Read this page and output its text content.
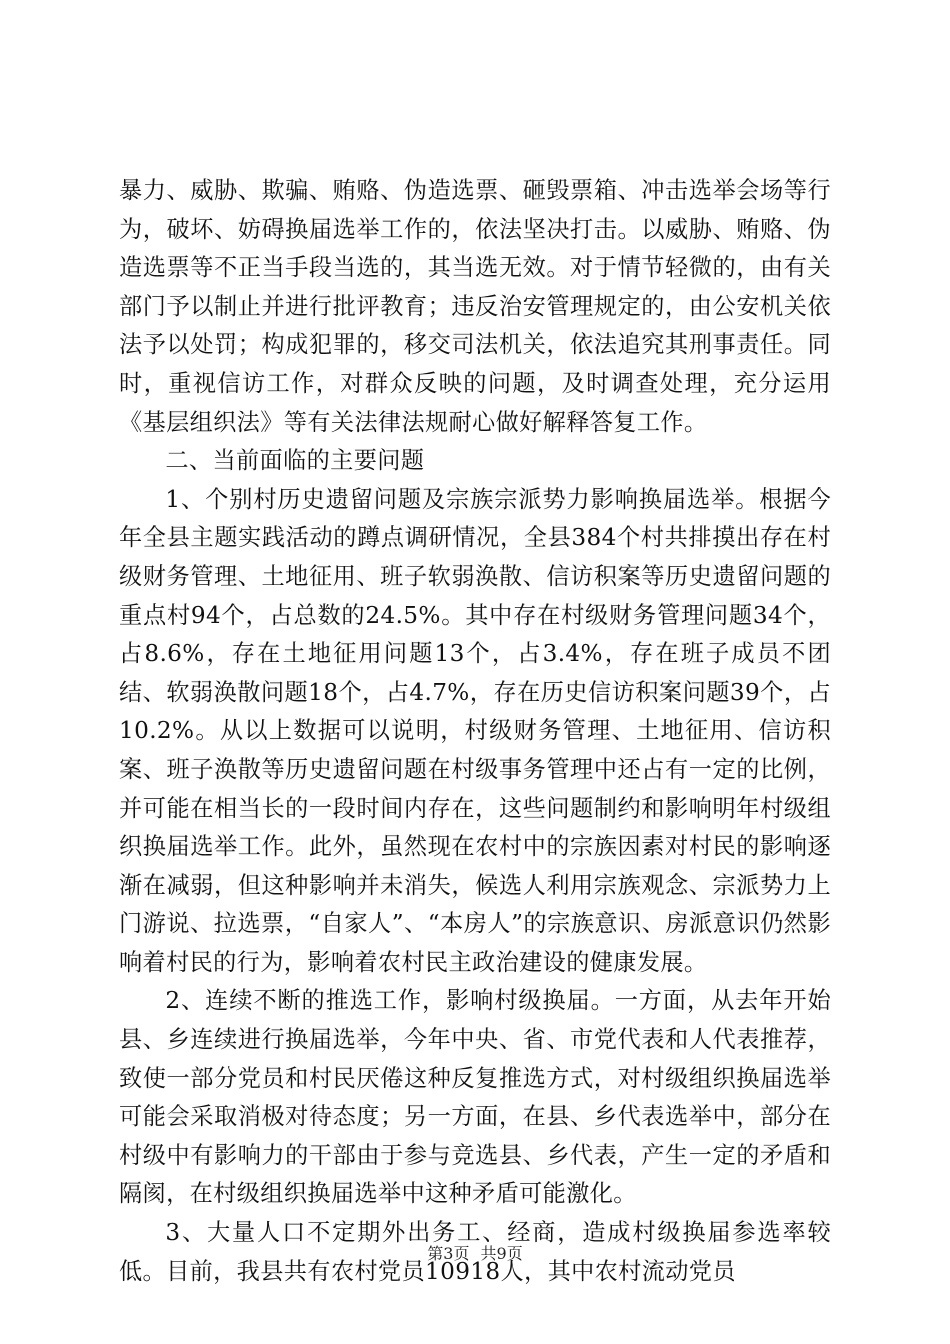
暴力、威胁、欺骗、贿赂、伪造选票、砸毁票箱、冲击选举会场等行为，破坏、妨碍换届选举工作的，依法坚决打击。以威胁、贿赂、伪造选票等不正当手段当选的，其当选无效。对于情节轻微的，由有关部门予以制止并进行批评教育；违反治安管理规定的，由公安机关依法予以处罚；构成犯罪的，移交司法机关，依法追究其刑事责任。同时，重视信访工作，对群众反映的问题，及时调查处理，充分运用《基层组织法》等有关法律法规耐心做好解释答复工作。

二、当前面临的主要问题

1、个别村历史遗留问题及宗族宗派势力影响换届选举。根据今年全县主题实践活动的蹲点调研情况，全县384个村共排摸出存在村级财务管理、土地征用、班子软弱涣散、信访积案等历史遗留问题的重点村94个，占总数的24.5%。其中存在村级财务管理问题34个，占8.6%，存在土地征用问题13个，占3.4%，存在班子成员不团结、软弱涣散问题18个，占4.7%，存在历史信访积案问题39个，占10.2%。从以上数据可以说明，村级财务管理、土地征用、信访积案、班子涣散等历史遗留问题在村级事务管理中还占有一定的比例，并可能在相当长的一段时间内存在，这些问题制约和影响明年村级组织换届选举工作。此外，虽然现在农村中的宗族因素对村民的影响逐渐在减弱，但这种影响并未消失，候选人利用宗族观念、宗派势力上门游说、拉选票，“自家人”、“本房人”的宗族意识、房派意识仍然影响着村民的行为，影响着农村民主政治建设的健康发展。

2、连续不断的推选工作，影响村级换届。一方面，从去年开始县、乡连续进行换届选举，今年中央、省、市党代表和人代表推荐，致使一部分党员和村民厌倦这种反复推选方式，对村级组织换届选举可能会采取消极对待态度；另一方面，在县、乡代表选举中，部分在村级中有影响力的干部由于参与竞选县、乡代表，产生一定的矛盾和隔阂，在村级组织换届选举中这种矛盾可能激化。

3、大量人口不定期外出务工、经商，造成村级换届参选率较低。目前，我县共有农村党员10918人，其中农村流动党员

第3页 共9页
